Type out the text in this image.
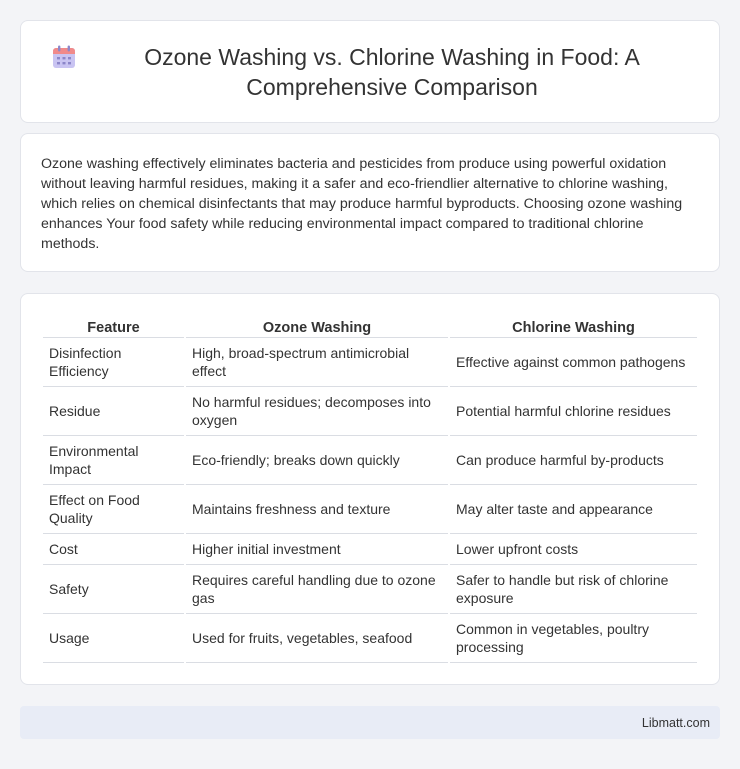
Ozone Washing vs. Chlorine Washing in Food: A Comprehensive Comparison

Ozone washing effectively eliminates bacteria and pesticides from produce using powerful oxidation without leaving harmful residues, making it a safer and eco-friendlier alternative to chlorine washing, which relies on chemical disinfectants that may produce harmful byproducts. Choosing ozone washing enhances Your food safety while reducing environmental impact compared to traditional chlorine methods.

Feature	Ozone Washing	Chlorine Washing
Disinfection Efficiency	High, broad-spectrum antimicrobial effect	Effective against common pathogens
Residue	No harmful residues; decomposes into oxygen	Potential harmful chlorine residues
Environmental Impact	Eco-friendly; breaks down quickly	Can produce harmful by-products
Effect on Food Quality	Maintains freshness and texture	May alter taste and appearance
Cost	Higher initial investment	Lower upfront costs
Safety	Requires careful handling due to ozone gas	Safer to handle but risk of chlorine exposure
Usage	Used for fruits, vegetables, seafood	Common in vegetables, poultry processing
Libmatt.com
